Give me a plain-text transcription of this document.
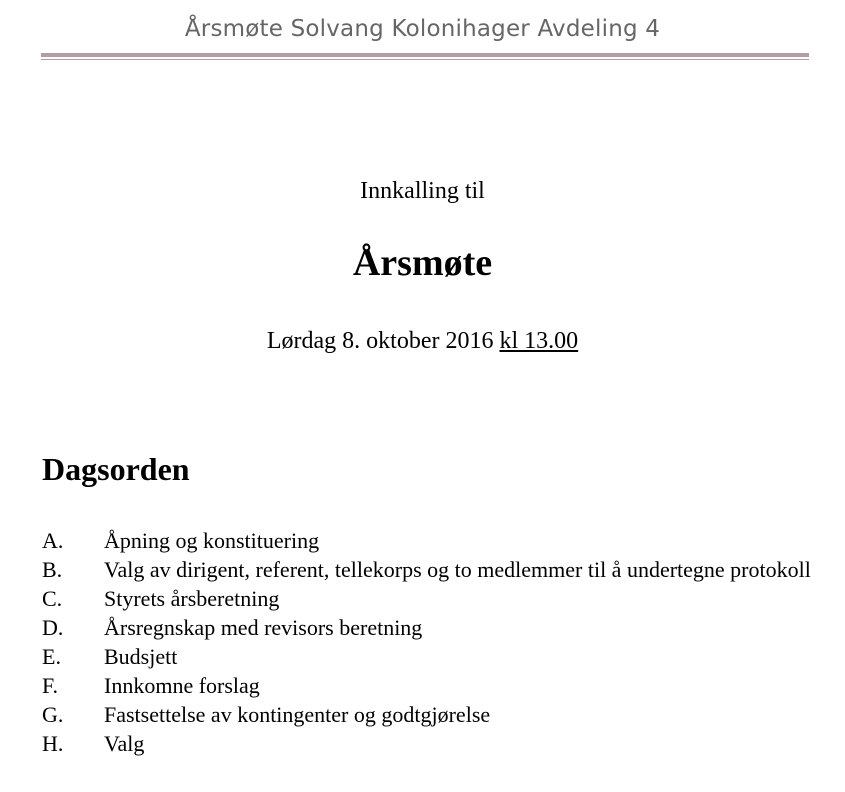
Årsmøte Solvang Kolonihager Avdeling 4
Innkalling til
Årsmøte
Lørdag 8. oktober 2016 kl 13.00
Dagsorden
A.	Åpning og konstituering
B.	Valg av dirigent, referent, tellekorps og to medlemmer til å undertegne protokoll
C.	Styrets årsberetning
D.	Årsregnskap med revisors beretning
E.	Budsjett
F.	Innkomne forslag
G.	Fastsettelse av kontingenter og godtgjørelse
H.	Valg
